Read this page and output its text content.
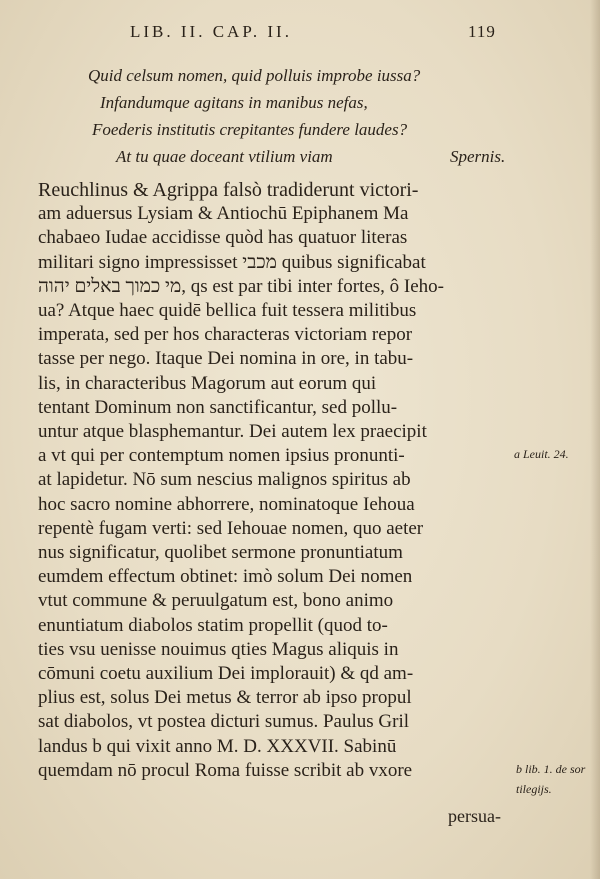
LIB. II. CAP. II.	119
Quid celsum nomen, quid polluis improbe iussa?
Infandumque agitans in manibus nefas,
Foederis institutis crepitantes fundere laudes?
At tu quae doceant vtilium viam	Spernis.
Reuchlinus & Agrippa falsò tradiderunt victori-
am aduersus Lysiam & Antiochū Epiphanem Ma
chabaeo Iudae accidisse quòd has quatuor literas
militari signo impressisset מכבי quibus significabat
מי כמוך באלים יהוה, qs est par tibi inter fortes, ô Ieho-
ua? Atque haec quidē bellica fuit tessera militibus
imperata, sed per hos characteras victoriam repor
tasse per nego. Itaque Dei nomina in ore, in tabu-
lis, in characteribus Magorum aut eorum qui
tentant Dominum non sanctificantur, sed pollu-
untur atque blasphemantur. Dei autem lex praecipit
a vt qui per contemptum nomen ipsius pronunti-
at lapidetur. Nō sum nescius malignos spiritus ab
hoc sacro nomine abhorrere, nominatoque Iehoua
repentè fugam verti: sed Iehouae nomen, quo aeter
nus significatur, quolibet sermone pronuntiatum
eumdem effectum obtinet: imò solum Dei nomen
vtut commune & peruulgatum est, bono animo
enuntiatum diabolos statim propellit (quod to-
ties vsu uenisse nouimus qties Magus aliquis in
cōmuni coetu auxilium Dei implorauit) & qd am-
plius est, solus Dei metus & terror ab ipso propul
sat diabolos, vt postea dicturi sumus. Paulus Gril
landus b qui vixit anno M. D. XXXVII. Sabinū
quemdam nō procul Roma fuisse scribit ab vxore
a Leuit. 24.
b lib. 1. de sor
tilegijs.
persua-
